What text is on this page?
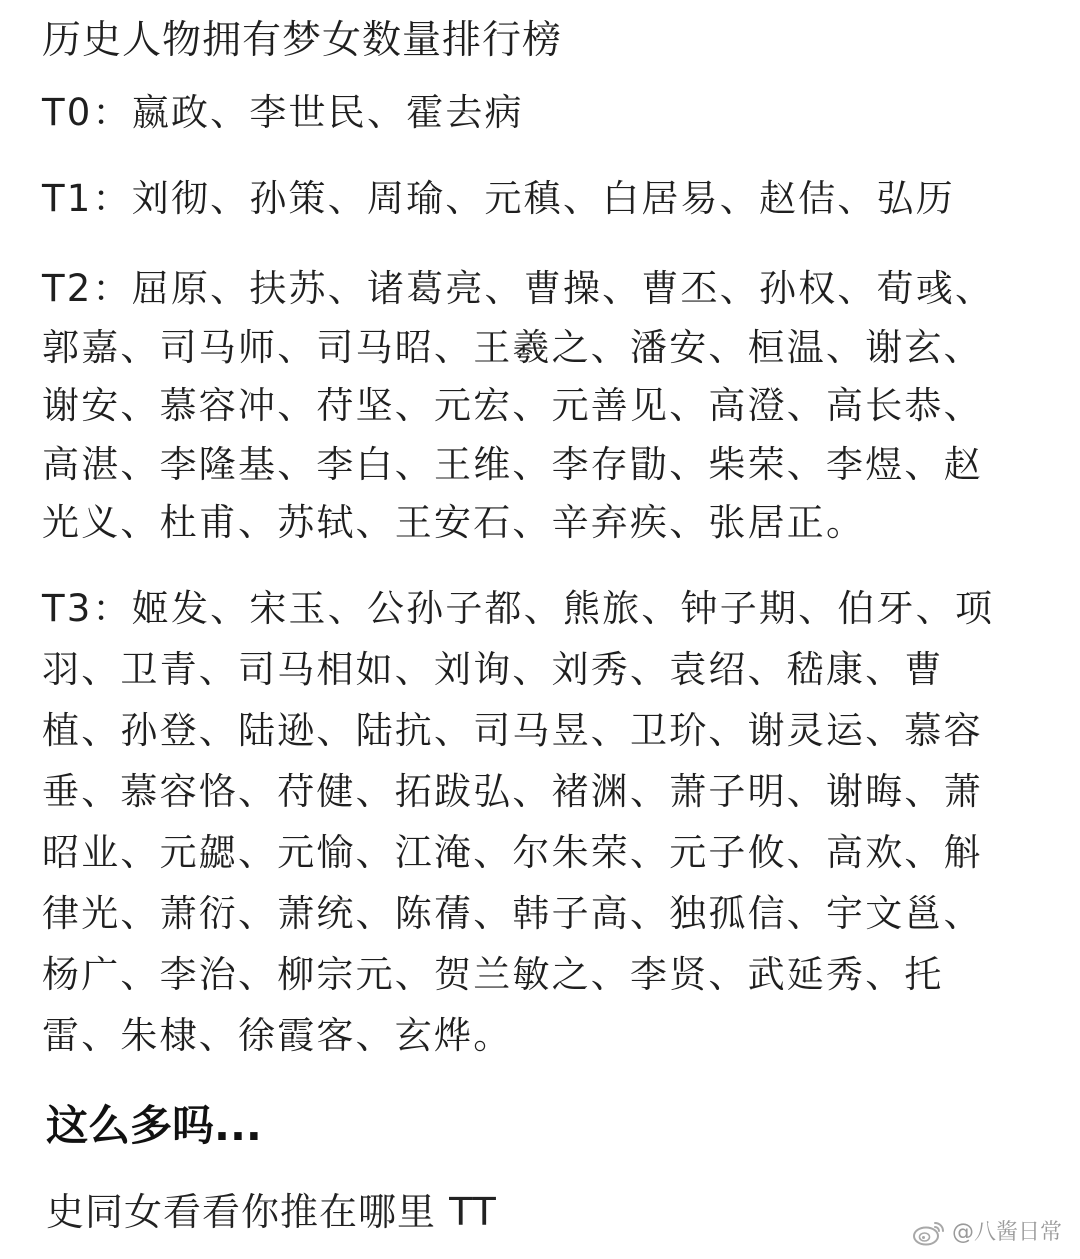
历史人物拥有梦女数量排行榜
T0：嬴政、李世民、霍去病
T1：刘彻、孙策、周瑜、元稹、白居易、赵佶、弘历
T2：屈原、扶苏、诸葛亮、曹操、曹丕、孙权、荀彧、
郭嘉、司马师、司马昭、王羲之、潘安、桓温、谢玄、
谢安、慕容冲、苻坚、元宏、元善见、高澄、高长恭、
高湛、李隆基、李白、王维、李存勖、柴荣、李煜、赵
光义、杜甫、苏轼、王安石、辛弃疾、张居正。
T3：姬发、宋玉、公孙子都、熊旅、钟子期、伯牙、项
羽、卫青、司马相如、刘询、刘秀、袁绍、嵇康、曹
植、孙登、陆逊、陆抗、司马昱、卫玠、谢灵运、慕容
垂、慕容恪、苻健、拓跋弘、褚渊、萧子明、谢晦、萧
昭业、元勰、元愉、江淹、尔朱荣、元子攸、高欢、斛
律光、萧衍、萧统、陈蒨、韩子高、独孤信、宇文邕、
杨广、李治、柳宗元、贺兰敏之、李贤、武延秀、托
雷、朱棣、徐霞客、玄烨。
这么多吗...
史同女看看你推在哪里 TT	@八酱日常
